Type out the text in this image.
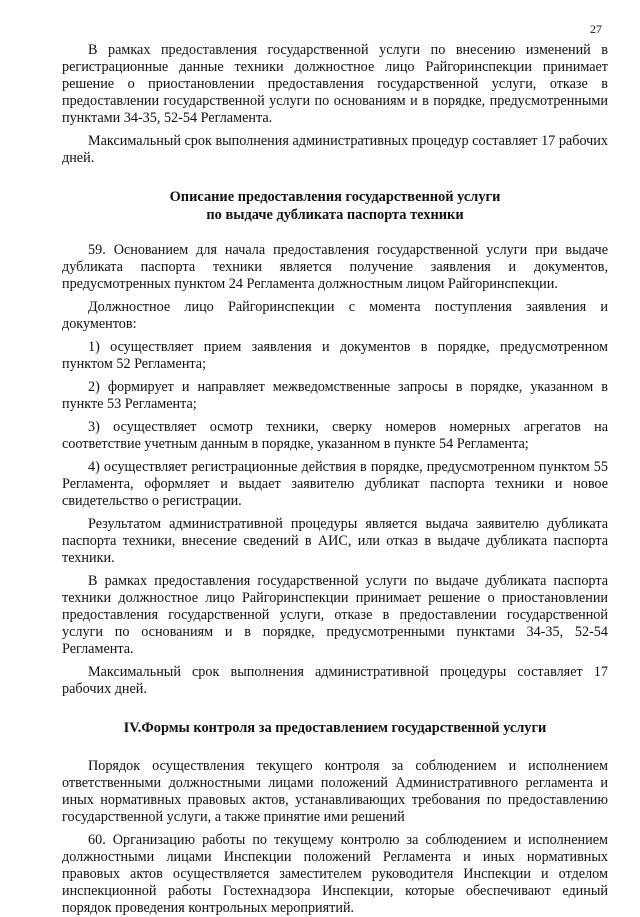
27

В рамках предоставления государственной услуги по внесению изменений в регистрационные данные техники должностное лицо Райгоринспекции принимает решение о приостановлении предоставления государственной услуги, отказе в предоставлении государственной услуги по основаниям и в порядке, предусмотренными пунктами 34-35, 52-54 Регламента.

Максимальный срок выполнения административных процедур составляет 17 рабочих дней.

Описание предоставления государственной услуги
по выдаче дубликата паспорта техники

59. Основанием для начала предоставления государственной услуги при выдаче дубликата паспорта техники является получение заявления и документов, предусмотренных пунктом 24 Регламента должностным лицом Райгоринспекции.

Должностное лицо Райгоринспекции с момента поступления заявления и документов:

1) осуществляет прием заявления и документов в порядке, предусмотренном пунктом 52 Регламента;

2) формирует и направляет межведомственные запросы в порядке, указанном в пункте 53 Регламента;

3) осуществляет осмотр техники, сверку номеров номерных агрегатов на соответствие учетным данным в порядке, указанном в пункте 54 Регламента;

4) осуществляет регистрационные действия в порядке, предусмотренном пунктом 55 Регламента, оформляет и выдает заявителю дубликат паспорта техники и новое свидетельство о регистрации.

Результатом административной процедуры является выдача заявителю дубликата паспорта техники, внесение сведений в АИС, или отказ в выдаче дубликата паспорта техники.

В рамках предоставления государственной услуги по выдаче дубликата паспорта техники должностное лицо Райгоринспекции принимает решение о приостановлении предоставления государственной услуги, отказе в предоставлении государственной услуги по основаниям и в порядке, предусмотренными пунктами 34-35, 52-54 Регламента.

Максимальный срок выполнения административной процедуры составляет 17 рабочих дней.

IV.Формы контроля за предоставлением государственной услуги

Порядок осуществления текущего контроля за соблюдением и исполнением ответственными должностными лицами положений Административного регламента и иных нормативных правовых актов, устанавливающих требования по предоставлению государственной услуги, а также принятие ими решений

60. Организацию работы по текущему контролю за соблюдением и исполнением должностными лицами Инспекции положений Регламента и иных нормативных правовых актов осуществляется заместителем руководителя Инспекции и отделом инспекционной работы Гостехнадзора Инспекции, которые обеспечивают единый порядок проведения контрольных мероприятий.
